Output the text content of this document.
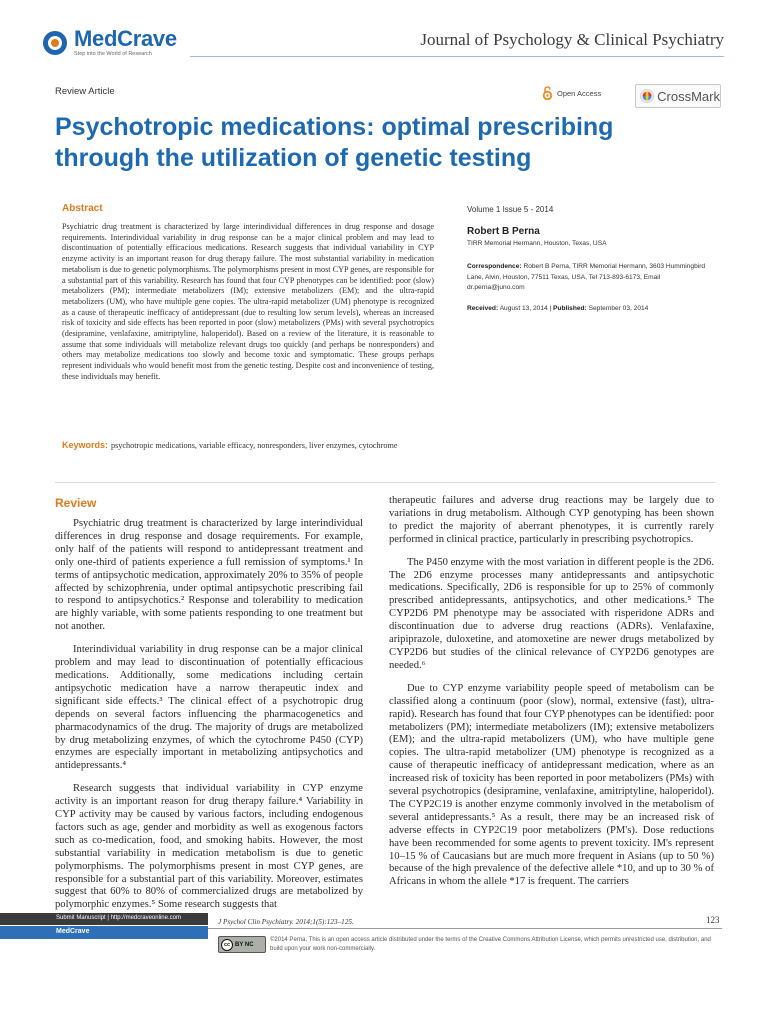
MedCrave
Step into the World of Research
Journal of Psychology & Clinical Psychiatry
Review Article	Open Access	CrossMark
Psychotropic medications: optimal prescribing through the utilization of genetic testing
Abstract
Psychiatric drug treatment is characterized by large interindividual differences in drug response and dosage requirements. Interindividual variability in drug response can be a major clinical problem and may lead to discontinuation of potentially efficacious medications. Research suggests that individual variability in CYP enzyme activity is an important reason for drug therapy failure. The most substantial variability in medication metabolism is due to genetic polymorphisms. The polymorphisms present in most CYP genes, are responsible for a substantial part of this variability. Research has found that four CYP phenotypes can be identified: poor (slow) metabolizers (PM); intermediate metabolizers (IM); extensive metabolizers (EM); and the ultra-rapid metabolizers (UM), who have multiple gene copies. The ultra-rapid metabolizer (UM) phenotype is recognized as a cause of therapeutic inefficacy of antidepressant (due to resulting low serum levels), whereas an increased risk of toxicity and side effects has been reported in poor (slow) metabolizers (PMs) with several psychotropics (desipramine, venlafaxine, amitriptyline, haloperidol). Based on a review of the literature, it is reasonable to assume that some individuals will metabolize relevant drugs too quickly (and perhaps be nonresponders) and others may metabolize medications too slowly and become toxic and symptomatic. These groups perhaps represent individuals who would benefit most from the genetic testing. Despite cost and inconvenience of testing, these individuals may benefit.
Keywords: psychotropic medications, variable efficacy, nonresponders, liver enzymes, cytochrome
Volume 1 Issue 5 - 2014
Robert B Perna
TIRR Memorial Hermann, Houston, Texas, USA
Correspondence: Robert B Perna, TIRR Memorial Hermann, 3603 Hummingbird Lane, Alvin, Houston, 77511 Texas, USA, Tel 713-893-6173, Email dr.perna@juno.com
Received: August 13, 2014 | Published: September 03, 2014
Review

Psychiatric drug treatment is characterized by large interindividual differences in drug response and dosage requirements. For example, only half of the patients will respond to antidepressant treatment and only one-third of patients experience a full remission of symptoms.¹ In terms of antipsychotic medication, approximately 20% to 35% of people affected by schizophrenia, under optimal antipsychotic prescribing fail to respond to antipsychotics.² Response and tolerability to medication are highly variable, with some patients responding to one treatment but not another.

Interindividual variability in drug response can be a major clinical problem and may lead to discontinuation of potentially efficacious medications. Additionally, some medications including certain antipsychotic medication have a narrow therapeutic index and significant side effects.³ The clinical effect of a psychotropic drug depends on several factors influencing the pharmacogenetics and pharmacodynamics of the drug. The majority of drugs are metabolized by drug metabolizing enzymes, of which the cytochrome P450 (CYP) enzymes are especially important in metabolizing antipsychotics and antidepressants.⁴

Research suggests that individual variability in CYP enzyme activity is an important reason for drug therapy failure.⁴ Variability in CYP activity may be caused by various factors, including endogenous factors such as age, gender and morbidity as well as exogenous factors such as co-medication, food, and smoking habits. However, the most substantial variability in medication metabolism is due to genetic polymorphisms. The polymorphisms present in most CYP genes, are responsible for a substantial part of this variability. Moreover, estimates suggest that 60% to 80% of commercialized drugs are metabolized by polymorphic enzymes.⁵ Some research suggests that

therapeutic failures and adverse drug reactions may be largely due to variations in drug metabolism. Although CYP genotyping has been shown to predict the majority of aberrant phenotypes, it is currently rarely performed in clinical practice, particularly in prescribing psychotropics.

The P450 enzyme with the most variation in different people is the 2D6. The 2D6 enzyme processes many antidepressants and antipsychotic medications. Specifically, 2D6 is responsible for up to 25% of commonly prescribed antidepressants, antipsychotics, and other medications.⁵ The CYP2D6 PM phenotype may be associated with risperidone ADRs and discontinuation due to adverse drug reactions (ADRs). Venlafaxine, aripiprazole, duloxetine, and atomoxetine are newer drugs metabolized by CYP2D6 but studies of the clinical relevance of CYP2D6 genotypes are needed.⁶

Due to CYP enzyme variability people speed of metabolism can be classified along a continuum (poor (slow), normal, extensive (fast), ultra-rapid). Research has found that four CYP phenotypes can be identified: poor metabolizers (PM); intermediate metabolizers (IM); extensive metabolizers (EM); and the ultra-rapid metabolizers (UM), who have multiple gene copies. The ultra-rapid metabolizer (UM) phenotype is recognized as a cause of therapeutic inefficacy of antidepressant medication, where as an increased risk of toxicity has been reported in poor metabolizers (PMs) with several psychotropics (desipramine, venlafaxine, amitriptyline, haloperidol). The CYP2C19 is another enzyme commonly involved in the metabolism of several antidepressants.⁵ As a result, there may be an increased risk of adverse effects in CYP2C19 poor metabolizers (PM's). Dose reductions have been recommended for some agents to prevent toxicity. IM's represent 10–15 % of Caucasians but are much more frequent in Asians (up to 50 %) because of the high prevalence of the defective allele *10, and up to 30 % of Africans in whom the allele *17 is frequent. The carriers

Submit Manuscript | http://medcraveonline.com
MedCrave
J Psychol Clin Psychiatry. 2014;1(5):123‒125.	123
cc BY NC
©2014 Perna. This is an open access article distributed under the terms of the Creative Commons Attribution License, which permits unrestricted use, distribution, and build upon your work non-commercially.
